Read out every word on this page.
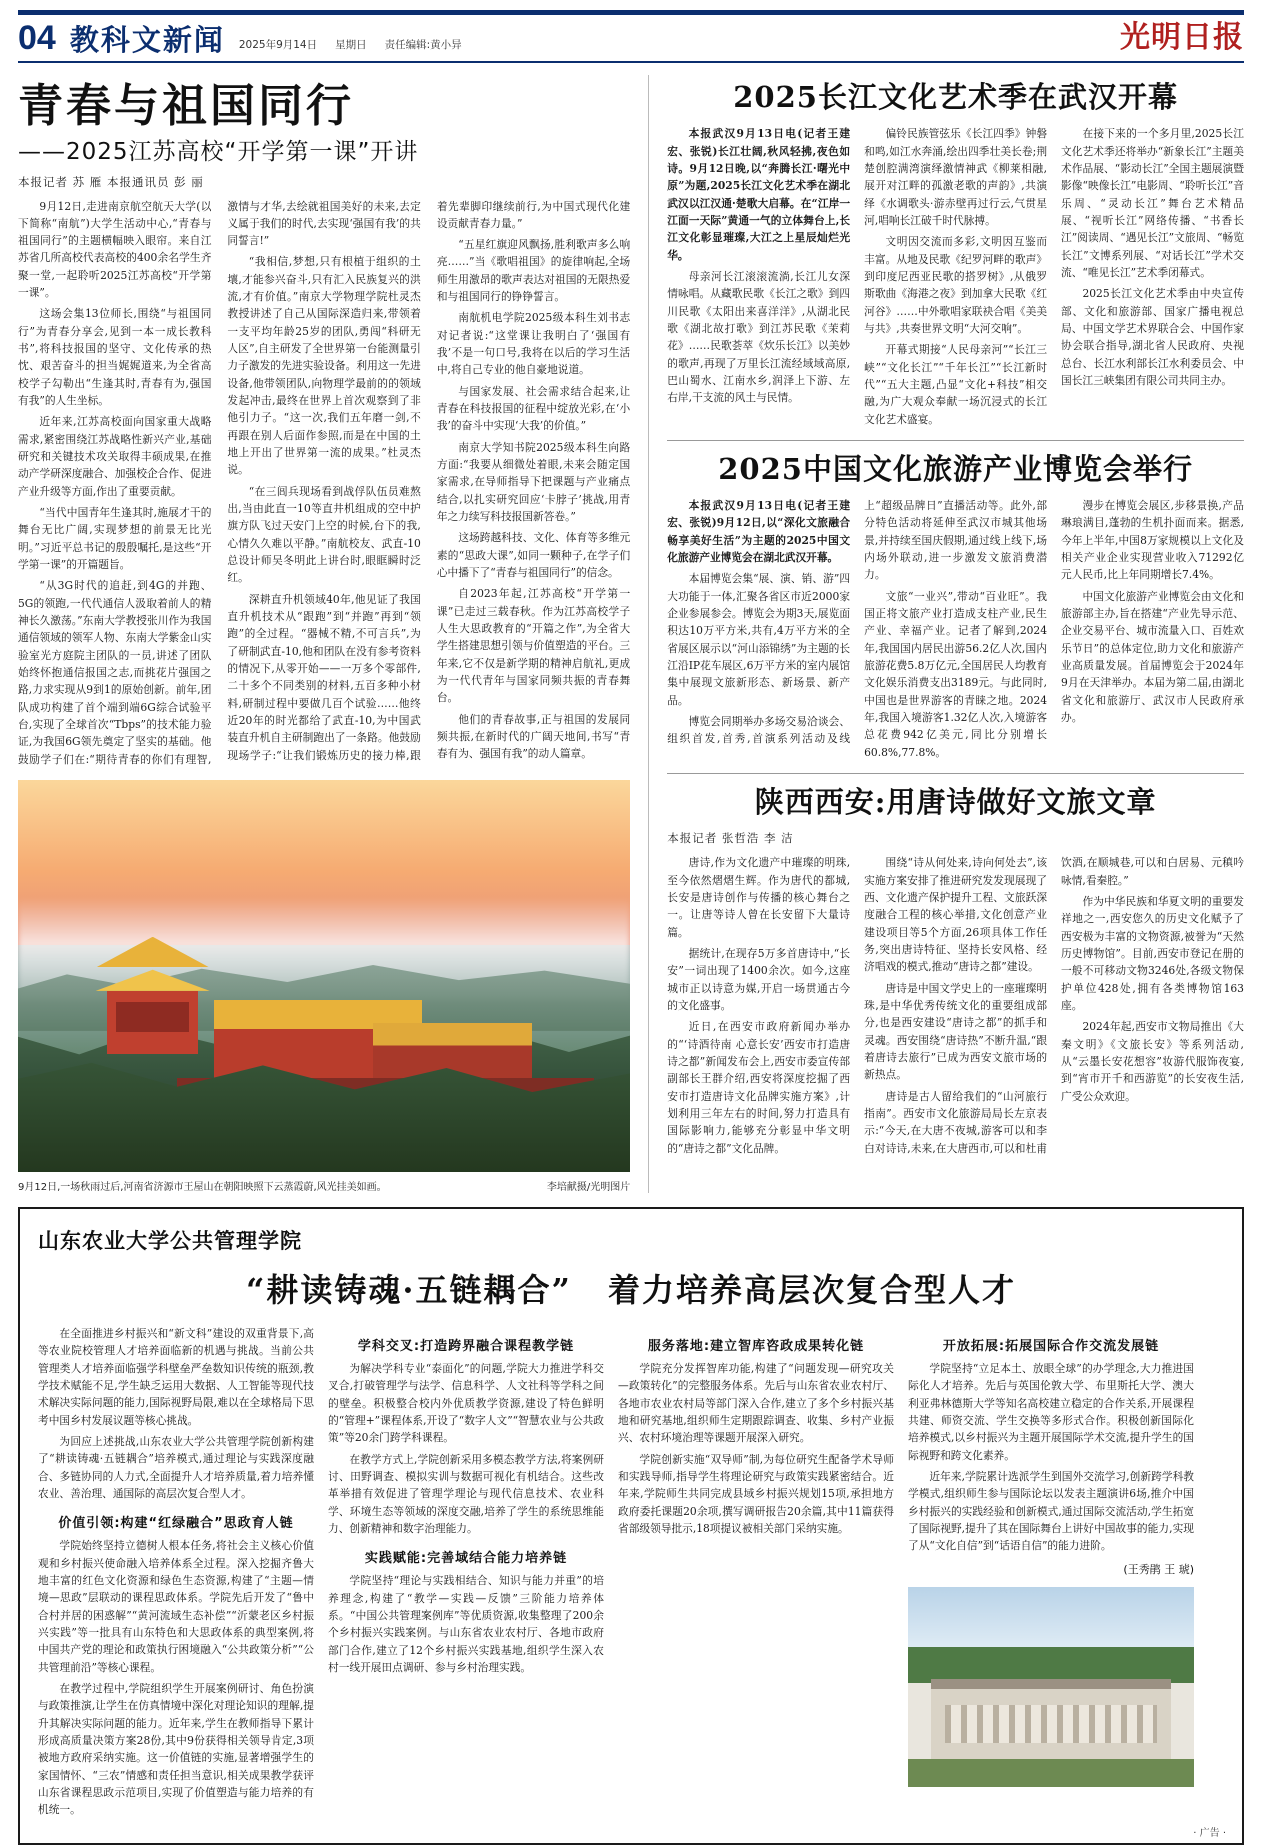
04 教科文新闻 2025年9月14日 星期日 责任编辑:黄小异	光明日报
青春与祖国同行
——2025江苏高校“开学第一课”开讲
本报记者 苏 雁 本报通讯员 彭 丽

9月12日,走进南京航空航天大学(以下简称“南航”)大学生活动中心,“青春与祖国同行”的主题横幅映入眼帘。来自江苏省几所高校代表高校的400余名学生齐聚一堂,一起聆听2025江苏高校“开学第一课”。

这场会集13位师长,围绕“与祖国同行”为青春分享会,见到一本一成长教科书”,将科技报国的坚守、文化传承的热忱、艰苦奋斗的担当娓娓道来,为全省高校学子勾勒出“生逢其时,青春有为,强国有我”的人生坐标。

近年来,江苏高校面向国家重大战略需求,紧密围绕江苏战略性新兴产业,基础研究和关键技术攻关取得丰硕成果,在推动产学研深度融合、加强校企合作、促进产业升级等方面,作出了重要贡献。

“当代中国青年生逢其时,施展才干的舞台无比广阔,实现梦想的前景无比光明。”习近平总书记的殷殷嘱托,是这些“开学第一课”的开篇题旨。

“从3G时代的追赶,到4G的并跑、5G的领跑,一代代通信人汲取着前人的精神长久激荡。”东南大学教授张川作为我国通信领域的领军人物、东南大学紫金山实验室光方庭院主团队的一员,讲述了团队始终怀抱通信报国之志,而挑花片强国之路,力求实现从9到1的原始创新。前年,团队成功构建了首个端到端6G综合试验平台,实现了全球首次“Tbps”的技术能力验证,为我国6G领先奠定了坚实的基础。他鼓励学子们在:“期待青春的你们有理智,激情与才华,去绘就祖国美好的未来,去定义属于我们的时代,去实现‘强国有我’的共同誓言!”

“我相信,梦想,只有根植于组织的土壤,才能参兴奋斗,只有汇入民族复兴的洪流,才有价值。”南京大学物理学院杜灵杰教授讲述了自己从国际深造归来,带领着一支平均年龄25岁的团队,勇闯“科研无人区”,自主研发了全世界第一台能测量引力子激发的先进实验设备。利用这一先进设备,他带领团队,向物理学最前的的领域发起冲击,最终在世界上首次观察到了非他引力子。“这一次,我们五年磨一剑,不再跟在别人后面作参照,而是在中国的土地上开出了世界第一流的成果。”杜灵杰说。

“在三闾兵现场看到战俘队伍员难熬出,当由此直一10等直井机组成的空中护旗方队飞过天安门上空的时候,台下的我,心情久久难以平静。”南航校友、武直-10总设计师吴冬明此上讲台时,眼眶瞬时泛红。

深耕直升机领域40年,他见证了我国直升机技术从“跟跑”到“并跑”再到“领跑”的全过程。“器械不精,不可言兵”,为了研制武直-10,他和团队在没有参考资料的情况下,从零开始——一万多个零部件,二十多个不同类别的材料,五百多种小材料,研制过程中要做几百个试验……他终近20年的时光都给了武直-10,为中国武装直升机自主研制跑出了一条路。他鼓励现场学子:“让我们锻炼历史的接力棒,跟着先辈脚印继续前行,为中国式现代化建设贡献青春力量。”

“五星红旗迎风飘扬,胜利歌声多么响亮……”当《歌唱祖国》的旋律响起,全场师生用激昂的歌声表达对祖国的无限热爱和与祖国同行的铮铮誓言。

南航机电学院2025级本科生刘书志对记者说:“这堂课让我明白了‘强国有我’不是一句口号,我将在以后的学习生活中,将自己专业的他自豪地说道。

与国家发展、社会需求结合起来,让青春在科技报国的征程中绽放光彩,在‘小我’的奋斗中实现‘大我’的价值。”

南京大学知书院2025级本科生向路方面:“我要从细微处着眼,未来会随定国家需求,在导师指导下把课题与产业痛点结合,以扎实研究回应‘卡脖子’挑战,用青年之力续写科技报国新答卷。”

这场跨越科技、文化、体育等多维元素的“思政大课”,如同一颗种子,在学子们心中播下了“青春与祖国同行”的信念。

自2023年起,江苏高校“开学第一课”已走过三载春秋。作为江苏高校学子人生大思政教育的“开篇之作”,为全省大学生搭建思想引领与价值塑造的平台。三年来,它不仅是新学期的精神启航礼,更成为一代代青年与国家同频共振的青春舞台。

他们的青春故事,正与祖国的发展同频共振,在新时代的广阔天地间,书写“青春有为、强国有我”的动人篇章。

9月12日,一场秋雨过后,河南省济源市王屋山在朝阳映照下云蒸霞蔚,风光挂美如画。	李培献摄/光明图片
2025长江文化艺术季在武汉开幕

本报武汉9月13日电(记者王建宏、张锐)长江壮阔,秋风轻拂,夜色如诗。9月12日晚,以“奔腾长江·曙光中原”为题,2025长江文化艺术季在湖北武汉以江汉通·楚歌大启幕。在“江岸一江面一天际”黄通一气的立体舞台上,长江文化彰显璀璨,大江之上星辰灿烂光华。

母亲河长江滚滚流淌,长江儿女深情咏唱。从藏歌民歌《长江之歌》到四川民歌《太阳出来喜洋洋》,从湖北民歌《湖北故打歌》到江苏民歌《茉莉花》……民歌荟萃《炊乐长江》以美妙的歌声,再现了万里长江流经域域高原,巴山蜀水、江南水乡,润泽上下游、左右岸,干支流的风土与民情。

偏铃民族管弦乐《长江四季》钟磐和鸣,如江水奔涌,绘出四季壮美长卷;荆楚创腔满湾演绎激情神武《柳莱相融,展开对江畔的孤激老歌的声韵》,共演绎《水调歌头·游赤壁再过行云,气贯星河,唱响长江破千时代脉搏。

文明因交流而多彩,文明因互鉴而丰富。从地及民歌《纪罗河畔的歌声》到印度尼西亚民歌的搭罗树》,从俄罗斯歌曲《海港之夜》到加拿大民歌《红河谷》……中外歌唱家联袂合唱《美美与共》,共奏世界文明“大河交响”。

开幕式期接“人民母亲河”“长江三峡”“文化长江”“千年长江”“长江新时代”“五大主题,凸显“文化+科技”相交融,为广大观众奉献一场沉浸式的长江文化艺术盛宴。

在接下来的一个多月里,2025长江文化艺术季还将举办“新象长江”主题美术作品展、“影动长江”全国主题展演暨影像“映像长江”电影周、“聆听长江”音乐周、“灵动长江”舞台艺术精品展、“视听长江”网络传播、“书香长江”阅读周、“遇见长江”文旅周、“畅览长江”文博系列展、“对话长江”学术交流、“唯见长江”艺术季闭幕式。

2025长江文化艺术季由中央宣传部、文化和旅游部、国家广播电视总局、中国文学艺术界联合会、中国作家协会联合指导,湖北省人民政府、央视总台、长江水利部长江水利委员会、中国长江三峡集团有限公司共同主办。

2025中国文化旅游产业博览会举行

本报武汉9月13日电(记者王建宏、张锐)9月12日,以“深化文旅融合 畅享美好生活”为主题的2025中国文化旅游产业博览会在湖北武汉开幕。

本届博览会集“展、演、销、游”四大功能于一体,汇聚各省区市近2000家企业参展参会。博览会为期3天,展览面积达10万平方米,共有,4万平方米的全省展区展示以“河山添锦绣”为主题的长江沿IP花车展区,6万平方米的室内展馆集中展现文旅新形态、新场景、新产品。

博览会同期举办多场交易洽谈会、组织首发,首秀,首演系列活动及线上“超级品牌日”直播活动等。此外,部分特色活动将延伸至武汉市城其他场景,并持续至国庆假期,通过线上线下,场内场外联动,进一步激发文旅消费潜力。

文旅“一业兴”,带动“百业旺”。我国正将文旅产业打造成支柱产业,民生产业、幸福产业。记者了解到,2024年,我国国内居民出游56.2亿人次,国内旅游花费5.8万亿元,全国居民人均教育文化娱乐消费支出3189元。与此同时,中国也是世界游客的青睐之地。2024年,我国入境游客1.32亿人次,入境游客总花费942亿美元,同比分别增长60.8%,77.8%。

漫步在博览会展区,步移景换,产品琳琅满目,蓬勃的生机扑面而来。据悉,今年上半年,中国8万家规模以上文化及相关产业企业实现营业收入71292亿元人民币,比上年同期增长7.4%。

中国文化旅游产业博览会由文化和旅游部主办,旨在搭建“产业先导示范、企业交易平台、城市流量入口、百姓欢乐节日”的总体定位,助力文化和旅游产业高质量发展。首届博览会于2024年9月在天津举办。本届为第二届,由湖北省文化和旅游厅、武汉市人民政府承办。

陕西西安:用唐诗做好文旅文章
本报记者 张哲浩 李 洁

唐诗,作为文化遗产中璀璨的明珠,至今依然熠熠生辉。作为唐代的都城,长安是唐诗创作与传播的核心舞台之一。让唐等诗人曾在长安留下大量诗篇。

据统计,在现存5万多首唐诗中,“长安”一词出现了1400余次。如今,这座城市正以诗意为媒,开启一场贯通古今的文化盛事。

近日,在西安市政府新闻办举办的“‘诗酒待南 心意长安’西安市打造唐诗之都”新闻发布会上,西安市委宣传部副部长王群介绍,西安将深度挖掘了西安市打造唐诗文化品牌实施方案》,计划利用三年左右的时间,努力打造具有国际影响力,能够充分彰显中华文明的“唐诗之都”文化品牌。

围绕“诗从何处来,诗向何处去”,该实施方案安排了推进研究发发现展现了西、文化遗产保护提升工程、文旅跃深度融合工程的核心举措,文化创意产业建设项目等5个方面,26项具体工作任务,突出唐诗特征、坚持长安风格、经济唱戏的模式,推动“唐诗之都”建设。

唐诗是中国文学史上的一座璀璨明珠,是中华优秀传统文化的重要组成部分,也是西安建设“唐诗之都”的抓手和灵魂。西安围绕“唐诗热”不断升温,“跟着唐诗去旅行”已成为西安文旅市场的新热点。

唐诗是古人留给我们的“山河旅行指南”。西安市文化旅游局局长左京表示:“今天,在大唐不夜城,游客可以和李白对诗诗,未来,在大唐西市,可以和杜甫饮酒,在顺城巷,可以和白居易、元稹吟咏情,看秦腔。”

作为中华民族和华夏文明的重要发祥地之一,西安您久的历史文化赋予了西安极为丰富的文物资源,被誉为“天然历史博物馆”。目前,西安市登记在册的一般不可移动文物3246处,各级文物保护单位428处,拥有各类博物馆163座。

2024年起,西安市文物局推出《大秦文明》《文旅长安》等系列活动,从“云墨长安花想容”妆游代服饰夜宴,到“宵市开千和西游览”的长安夜生活,广受公众欢迎。

山东农业大学公共管理学院
“耕读铸魂·五链耦合” 着力培养高层次复合型人才

在全面推进乡村振兴和“新文科”建设的双重背景下,高等农业院校管理人才培养面临新的机遇与挑战。当前公共管理类人才培养面临强学科壁垒严垒数知识传统的瓶颈,教学技术赋能不足,学生缺乏运用大数据、人工智能等现代技术解决实际问题的能力,国际视野局限,难以在全球格局下思考中国乡村发展议题等核心挑战。

为回应上述挑战,山东农业大学公共管理学院创新构建了“耕读铸魂·五链耦合”培养模式,通过理论与实践深度融合、多链协同的人力式,全面提升人才培养质量,着力培养懂农业、善治理、通国际的高层次复合型人才。

价值引领:构建“红绿融合”思政育人链

学院始终坚持立德树人根本任务,将社会主义核心价值观和乡村振兴使命融入培养体系全过程。深入挖掘齐鲁大地丰富的红色文化资源和绿色生态资源,构建了“主题—情境—思政”层联动的课程思政体系。学院先后开发了“鲁中合村并居的困惑解”“黄河流域生态补偿”“沂蒙老区乡村振兴实践”等一批具有山东特色和大思政体系的典型案例,将中国共产党的理论和政策执行困境融入“公共政策分析”“公共管理前沿”等核心课程。

在教学过程中,学院组织学生开展案例研讨、角色扮演与政策推演,让学生在仿真情境中深化对理论知识的理解,提升其解决实际问题的能力。近年来,学生在教师指导下累计形成高质量决策方案28份,其中9份获得相关领导肯定,3项被地方政府采纳实施。这一价值链的实施,显著增强学生的家国情怀、“三农”情感和责任担当意识,相关成果教学获评山东省课程思政示范项目,实现了价值塑造与能力培养的有机统一。

学科交叉:打造跨界融合课程教学链

为解决学科专业“泰面化”的问题,学院大力推进学科交叉合,打破管理学与法学、信息科学、人文社科等学科之间的壁垒。积极整合校内外优质教学资源,建设了特色鲜明的“管理+”课程体系,开设了“数字人文”“智慧农业与公共政策”等20余门跨学科课程。

在教学方式上,学院创新采用多模态教学方法,将案例研讨、田野调查、模拟实训与数据可视化有机结合。这些改革举措有效促进了管理学理论与现代信息技术、农业科学、环境生态等领域的深度交融,培养了学生的系统思维能力、创新精神和数字治理能力。

实践赋能:完善域结合能力培养链

学院坚持“理论与实践相结合、知识与能力并重”的培养理念,构建了“教学—实践—反馈”三阶能力培养体系。“中国公共管理案例库”等优质资源,收集整理了200余个乡村振兴实践案例。与山东省农业农村厅、各地市政府部门合作,建立了12个乡村振兴实践基地,组织学生深入农村一线开展田点调研、参与乡村治理实践。

服务落地:建立智库咨政成果转化链

学院充分发挥智库功能,构建了“问题发现—研究攻关—政策转化”的完整服务体系。先后与山东省农业农村厅、各地市农业农村局等部门深入合作,建立了多个乡村振兴基地和研究基地,组织师生定期跟踪调查、收集、乡村产业振兴、农村环境治理等课题开展深入研究。

学院创新实施“双导师”制,为每位研究生配备学术导师和实践导师,指导学生将理论研究与政策实践紧密结合。近年来,学院师生共同完成县域乡村振兴规划15项,承担地方政府委托课题20余项,撰写调研报告20余篇,其中11篇获得省部级领导批示,18项提议被相关部门采纳实施。

开放拓展:拓展国际合作交流发展链

学院坚持“立足本土、放眼全球”的办学理念,大力推进国际化人才培养。先后与英国伦敦大学、布里斯托大学、澳大利亚弗林德斯大学等知名高校建立稳定的合作关系,开展课程共建、师资交流、学生交换等多形式合作。积极创新国际化培养模式,以乡村振兴为主题开展国际学术交流,提升学生的国际视野和跨文化素养。

近年来,学院累计选派学生到国外交流学习,创新跨学科教学模式,组织师生参与国际论坛以发表主题演讲6场,推介中国乡村振兴的实践经验和创新模式,通过国际交流活动,学生拓宽了国际视野,提升了其在国际舞台上讲好中国故事的能力,实现了从“文化自信”到“话语自信”的能力进阶。

(王秀鹃 王 琥)
· 广告 ·
